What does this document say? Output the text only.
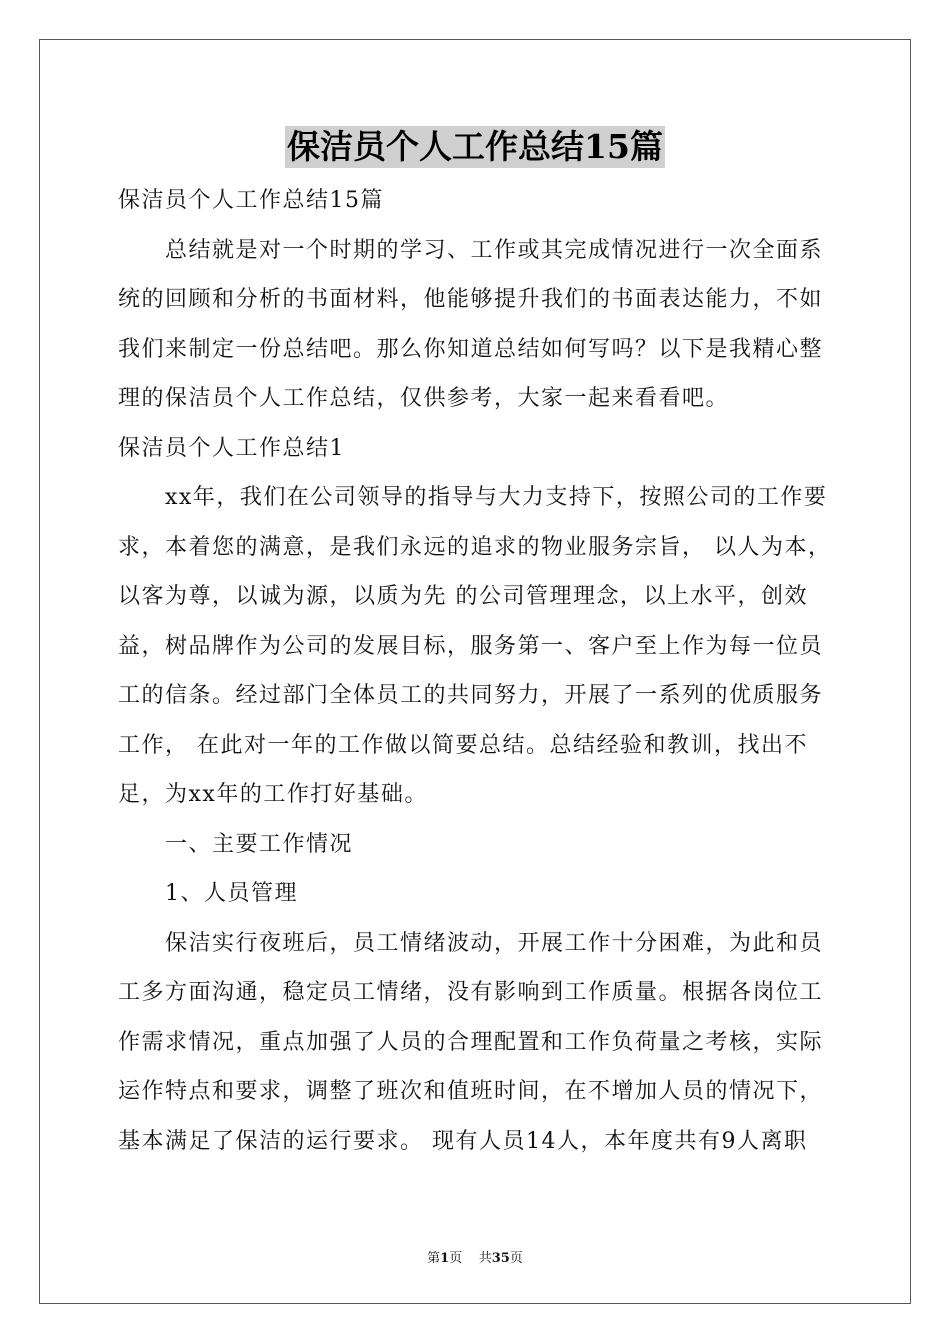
保洁员个人工作总结15篇

保洁员个人工作总结15篇

总结就是对一个时期的学习、工作或其完成情况进行一次全面系统的回顾和分析的书面材料，他能够提升我们的书面表达能力，不如我们来制定一份总结吧。那么你知道总结如何写吗？以下是我精心整理的保洁员个人工作总结，仅供参考，大家一起来看看吧。

保洁员个人工作总结1

xx年，我们在公司领导的指导与大力支持下，按照公司的工作要求，本着您的满意，是我们永远的追求的物业服务宗旨， 以人为本，以客为尊，以诚为源，以质为先 的公司管理理念，以上水平，创效益，树品牌作为公司的发展目标，服务第一、客户至上作为每一位员工的信条。经过部门全体员工的共同努力，开展了一系列的优质服务工作， 在此对一年的工作做以简要总结。总结经验和教训，找出不足，为xx年的工作打好基础。

一、主要工作情况

1、人员管理

保洁实行夜班后，员工情绪波动，开展工作十分困难，为此和员工多方面沟通，稳定员工情绪，没有影响到工作质量。根据各岗位工作需求情况，重点加强了人员的合理配置和工作负荷量之考核，实际运作特点和要求，调整了班次和值班时间，在不增加人员的情况下，基本满足了保洁的运行要求。 现有人员14人，本年度共有9人离职

第1页    共35页
